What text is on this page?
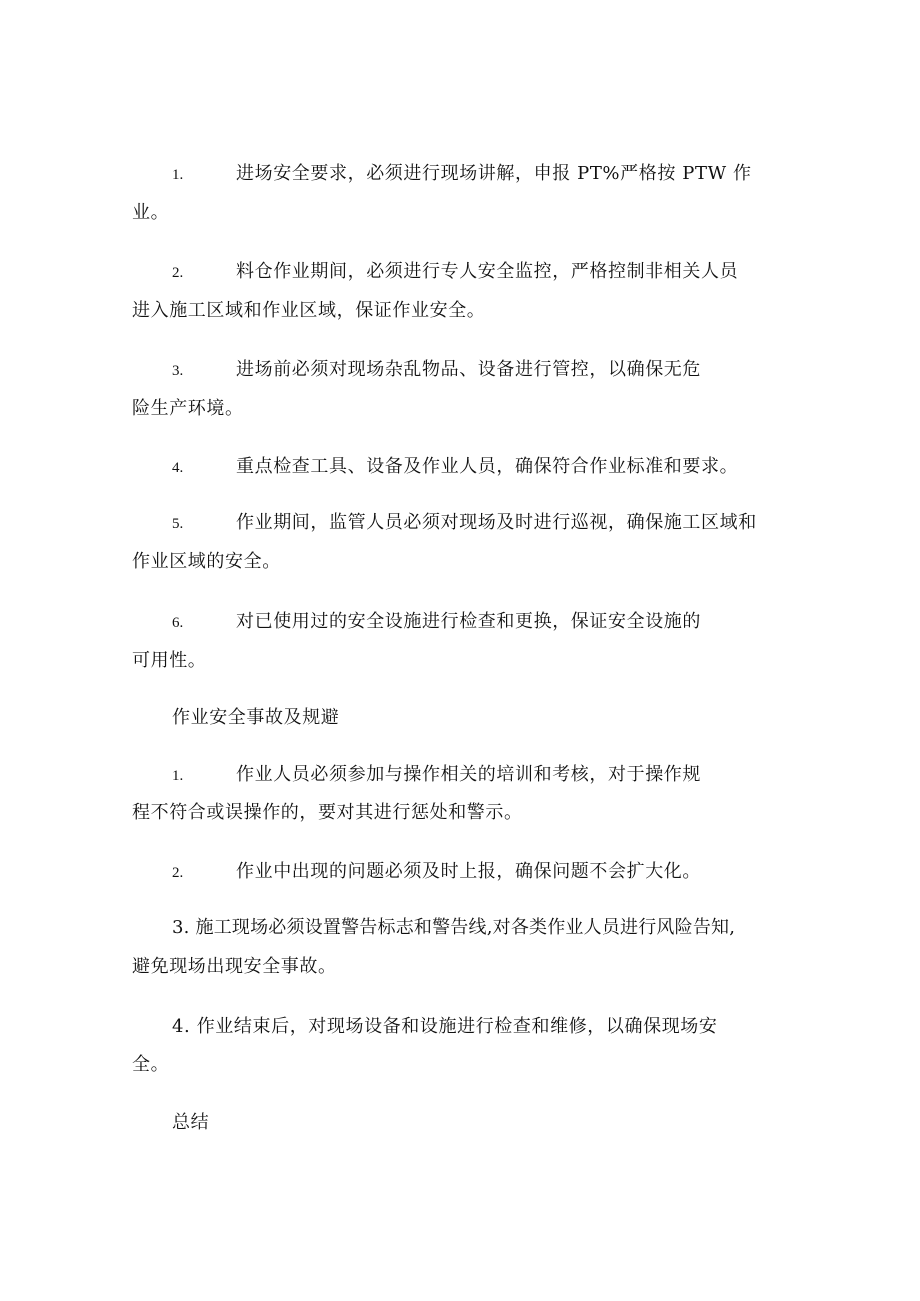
1.	进场安全要求，必须进行现场讲解，申报 PT%严格按 PTW 作
业。
2.	料仓作业期间，必须进行专人安全监控，严格控制非相关人员
进入施工区域和作业区域，保证作业安全。
3.	进场前必须对现场杂乱物品、设备进行管控，以确保无危
险生产环境。
4.	重点检查工具、设备及作业人员，确保符合作业标准和要求。
5.	作业期间，监管人员必须对现场及时进行巡视，确保施工区域和
作业区域的安全。
6.	对已使用过的安全设施进行检查和更换，保证安全设施的
可用性。
作业安全事故及规避
1.	作业人员必须参加与操作相关的培训和考核，对于操作规
程不符合或误操作的，要对其进行惩处和警示。
2.	作业中出现的问题必须及时上报，确保问题不会扩大化。
3. 施工现场必须设置警告标志和警告线,对各类作业人员进行风险告知,
避免现场出现安全事故。
4. 作业结束后，对现场设备和设施进行检查和维修，以确保现场安
全。
总结
